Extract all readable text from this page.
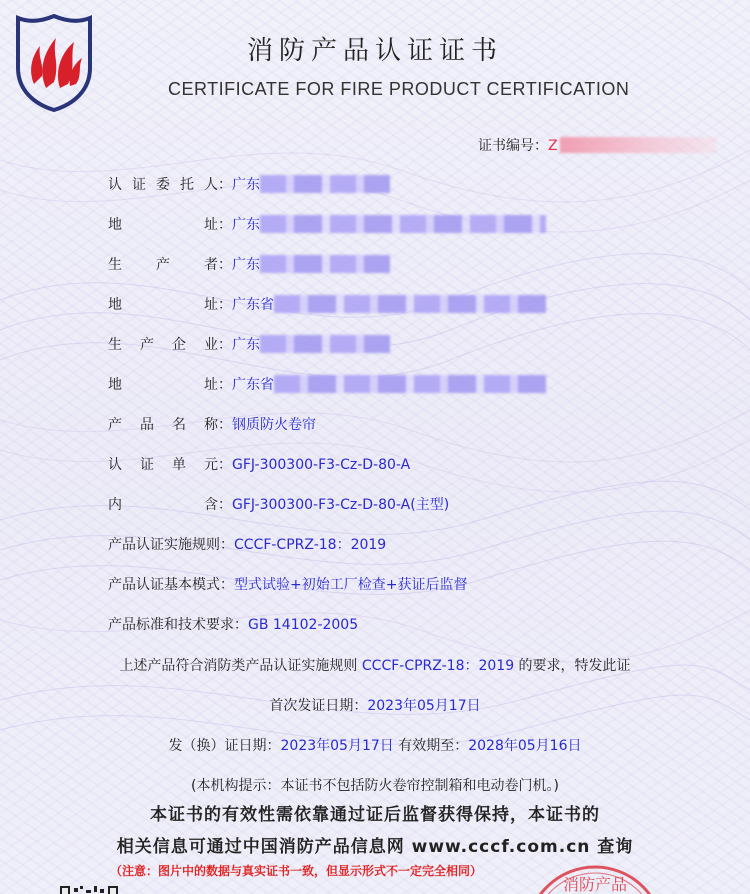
消防产品认证证书
CERTIFICATE FOR FIRE PRODUCT CERTIFICATION
证书编号：Z
认证委托人：广东
地址：广东
生产者：广东
地址：广东省
生产企业：广东
地址：广东省
产品名称：钢质防火卷帘
认证单元：GFJ-300300-F3-Cz-D-80-A
内含：GFJ-300300-F3-Cz-D-80-A(主型)
产品认证实施规则：CCCF-CPRZ-18：2019
产品认证基本模式：型式试验+初始工厂检查+获证后监督
产品标准和技术要求：GB 14102-2005
上述产品符合消防类产品认证实施规则 CCCF-CPRZ-18：2019 的要求，特发此证
首次发证日期：2023年05月17日
发（换）证日期：2023年05月17日 有效期至：2028年05月16日
(本机构提示：本证书不包括防火卷帘控制箱和电动卷门机。)
本证书的有效性需依靠通过证后监督获得保持，本证书的
相关信息可通过中国消防产品信息网 www.cccf.com.cn 查询
（注意：图片中的数据与真实证书一致，但显示形式不一定完全相同）
消防产品
